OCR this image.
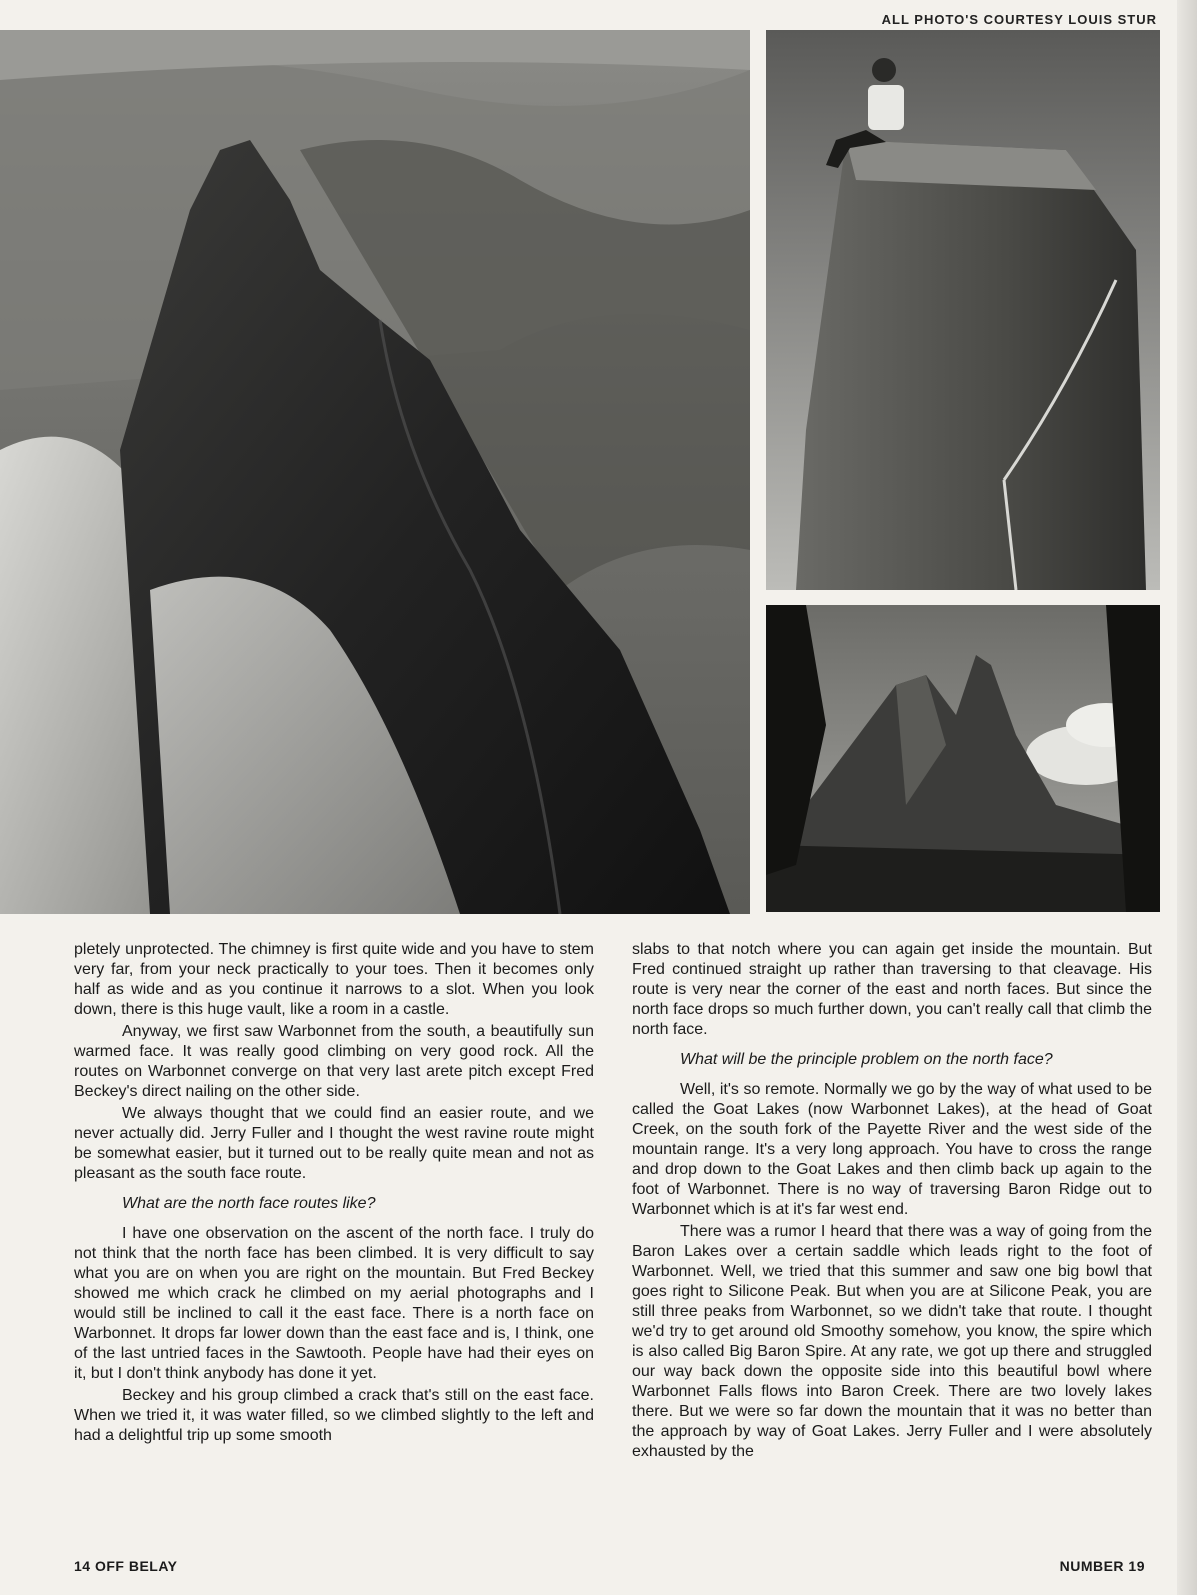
ALL PHOTO'S COURTESY LOUIS STUR

pletely unprotected. The chimney is first quite wide and you have to stem very far, from your neck practically to your toes. Then it becomes only half as wide and as you continue it narrows to a slot. When you look down, there is this huge vault, like a room in a castle.

Anyway, we first saw Warbonnet from the south, a beautifully sun warmed face. It was really good climbing on very good rock. All the routes on Warbonnet converge on that very last arete pitch except Fred Beckey's direct nailing on the other side.

We always thought that we could find an easier route, and we never actually did. Jerry Fuller and I thought the west ravine route might be somewhat easier, but it turned out to be really quite mean and not as pleasant as the south face route.

What are the north face routes like?

I have one observation on the ascent of the north face. I truly do not think that the north face has been climbed. It is very difficult to say what you are on when you are right on the mountain. But Fred Beckey showed me which crack he climbed on my aerial photographs and I would still be inclined to call it the east face. There is a north face on Warbonnet. It drops far lower down than the east face and is, I think, one of the last untried faces in the Sawtooth. People have had their eyes on it, but I don't think anybody has done it yet.

Beckey and his group climbed a crack that's still on the east face. When we tried it, it was water filled, so we climbed slightly to the left and had a delightful trip up some smooth

slabs to that notch where you can again get inside the mountain. But Fred continued straight up rather than traversing to that cleavage. His route is very near the corner of the east and north faces. But since the north face drops so much further down, you can't really call that climb the north face.

What will be the principle problem on the north face?

Well, it's so remote. Normally we go by the way of what used to be called the Goat Lakes (now Warbonnet Lakes), at the head of Goat Creek, on the south fork of the Payette River and the west side of the mountain range. It's a very long approach. You have to cross the range and drop down to the Goat Lakes and then climb back up again to the foot of Warbonnet. There is no way of traversing Baron Ridge out to Warbonnet which is at it's far west end.

There was a rumor I heard that there was a way of going from the Baron Lakes over a certain saddle which leads right to the foot of Warbonnet. Well, we tried that this summer and saw one big bowl that goes right to Silicone Peak. But when you are at Silicone Peak, you are still three peaks from Warbonnet, so we didn't take that route. I thought we'd try to get around old Smoothy somehow, you know, the spire which is also called Big Baron Spire. At any rate, we got up there and struggled our way back down the opposite side into this beautiful bowl where Warbonnet Falls flows into Baron Creek. There are two lovely lakes there. But we were so far down the mountain that it was no better than the approach by way of Goat Lakes. Jerry Fuller and I were absolutely exhausted by the

14 OFF BELAY	NUMBER 19
